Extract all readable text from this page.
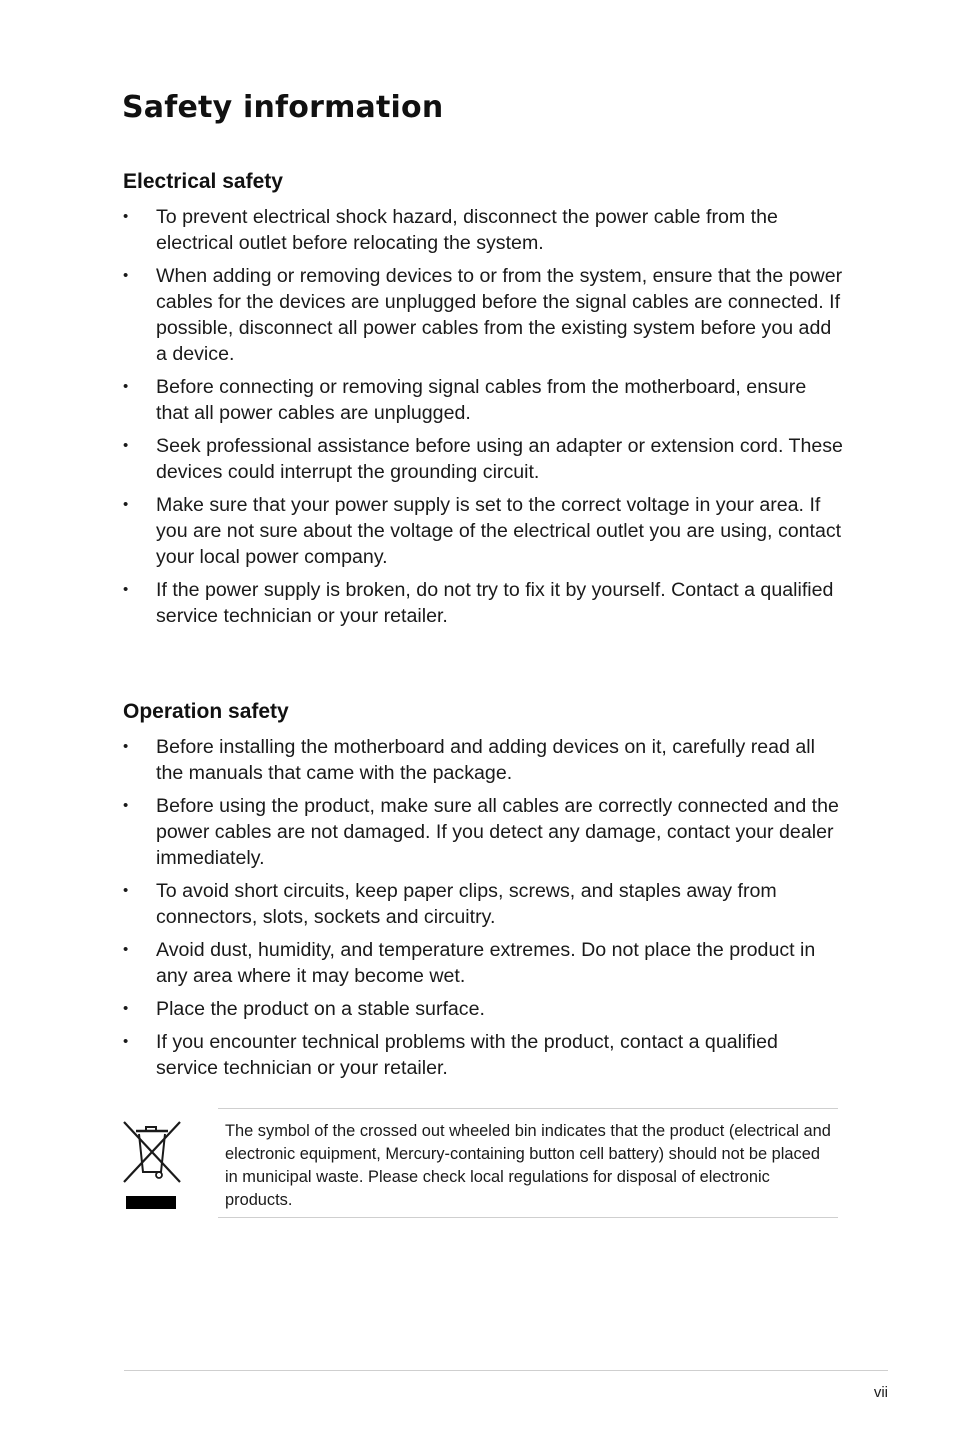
Safety information
Electrical safety
• To prevent electrical shock hazard, disconnect the power cable from the electrical outlet before relocating the system.
• When adding or removing devices to or from the system, ensure that the power cables for the devices are unplugged before the signal cables are connected. If possible, disconnect all power cables from the existing system before you add a device.
• Before connecting or removing signal cables from the motherboard, ensure that all power cables are unplugged.
• Seek professional assistance before using an adapter or extension cord. These devices could interrupt the grounding circuit.
• Make sure that your power supply is set to the correct voltage in your area. If you are not sure about the voltage of the electrical outlet you are using, contact your local power company.
• If the power supply is broken, do not try to fix it by yourself. Contact a qualified service technician or your retailer.
Operation safety
• Before installing the motherboard and adding devices on it, carefully read all the manuals that came with the package.
• Before using the product, make sure all cables are correctly connected and the power cables are not damaged. If you detect any damage, contact your dealer immediately.
• To avoid short circuits, keep paper clips, screws, and staples away from connectors, slots, sockets and circuitry.
• Avoid dust, humidity, and temperature extremes. Do not place the product in any area where it may become wet.
• Place the product on a stable surface.
• If you encounter technical problems with the product, contact a qualified service technician or your retailer.

The symbol of the crossed out wheeled bin indicates that the product (electrical and electronic equipment, Mercury-containing button cell battery) should not be placed in municipal waste. Please check local regulations for disposal of electronic products.

vii
